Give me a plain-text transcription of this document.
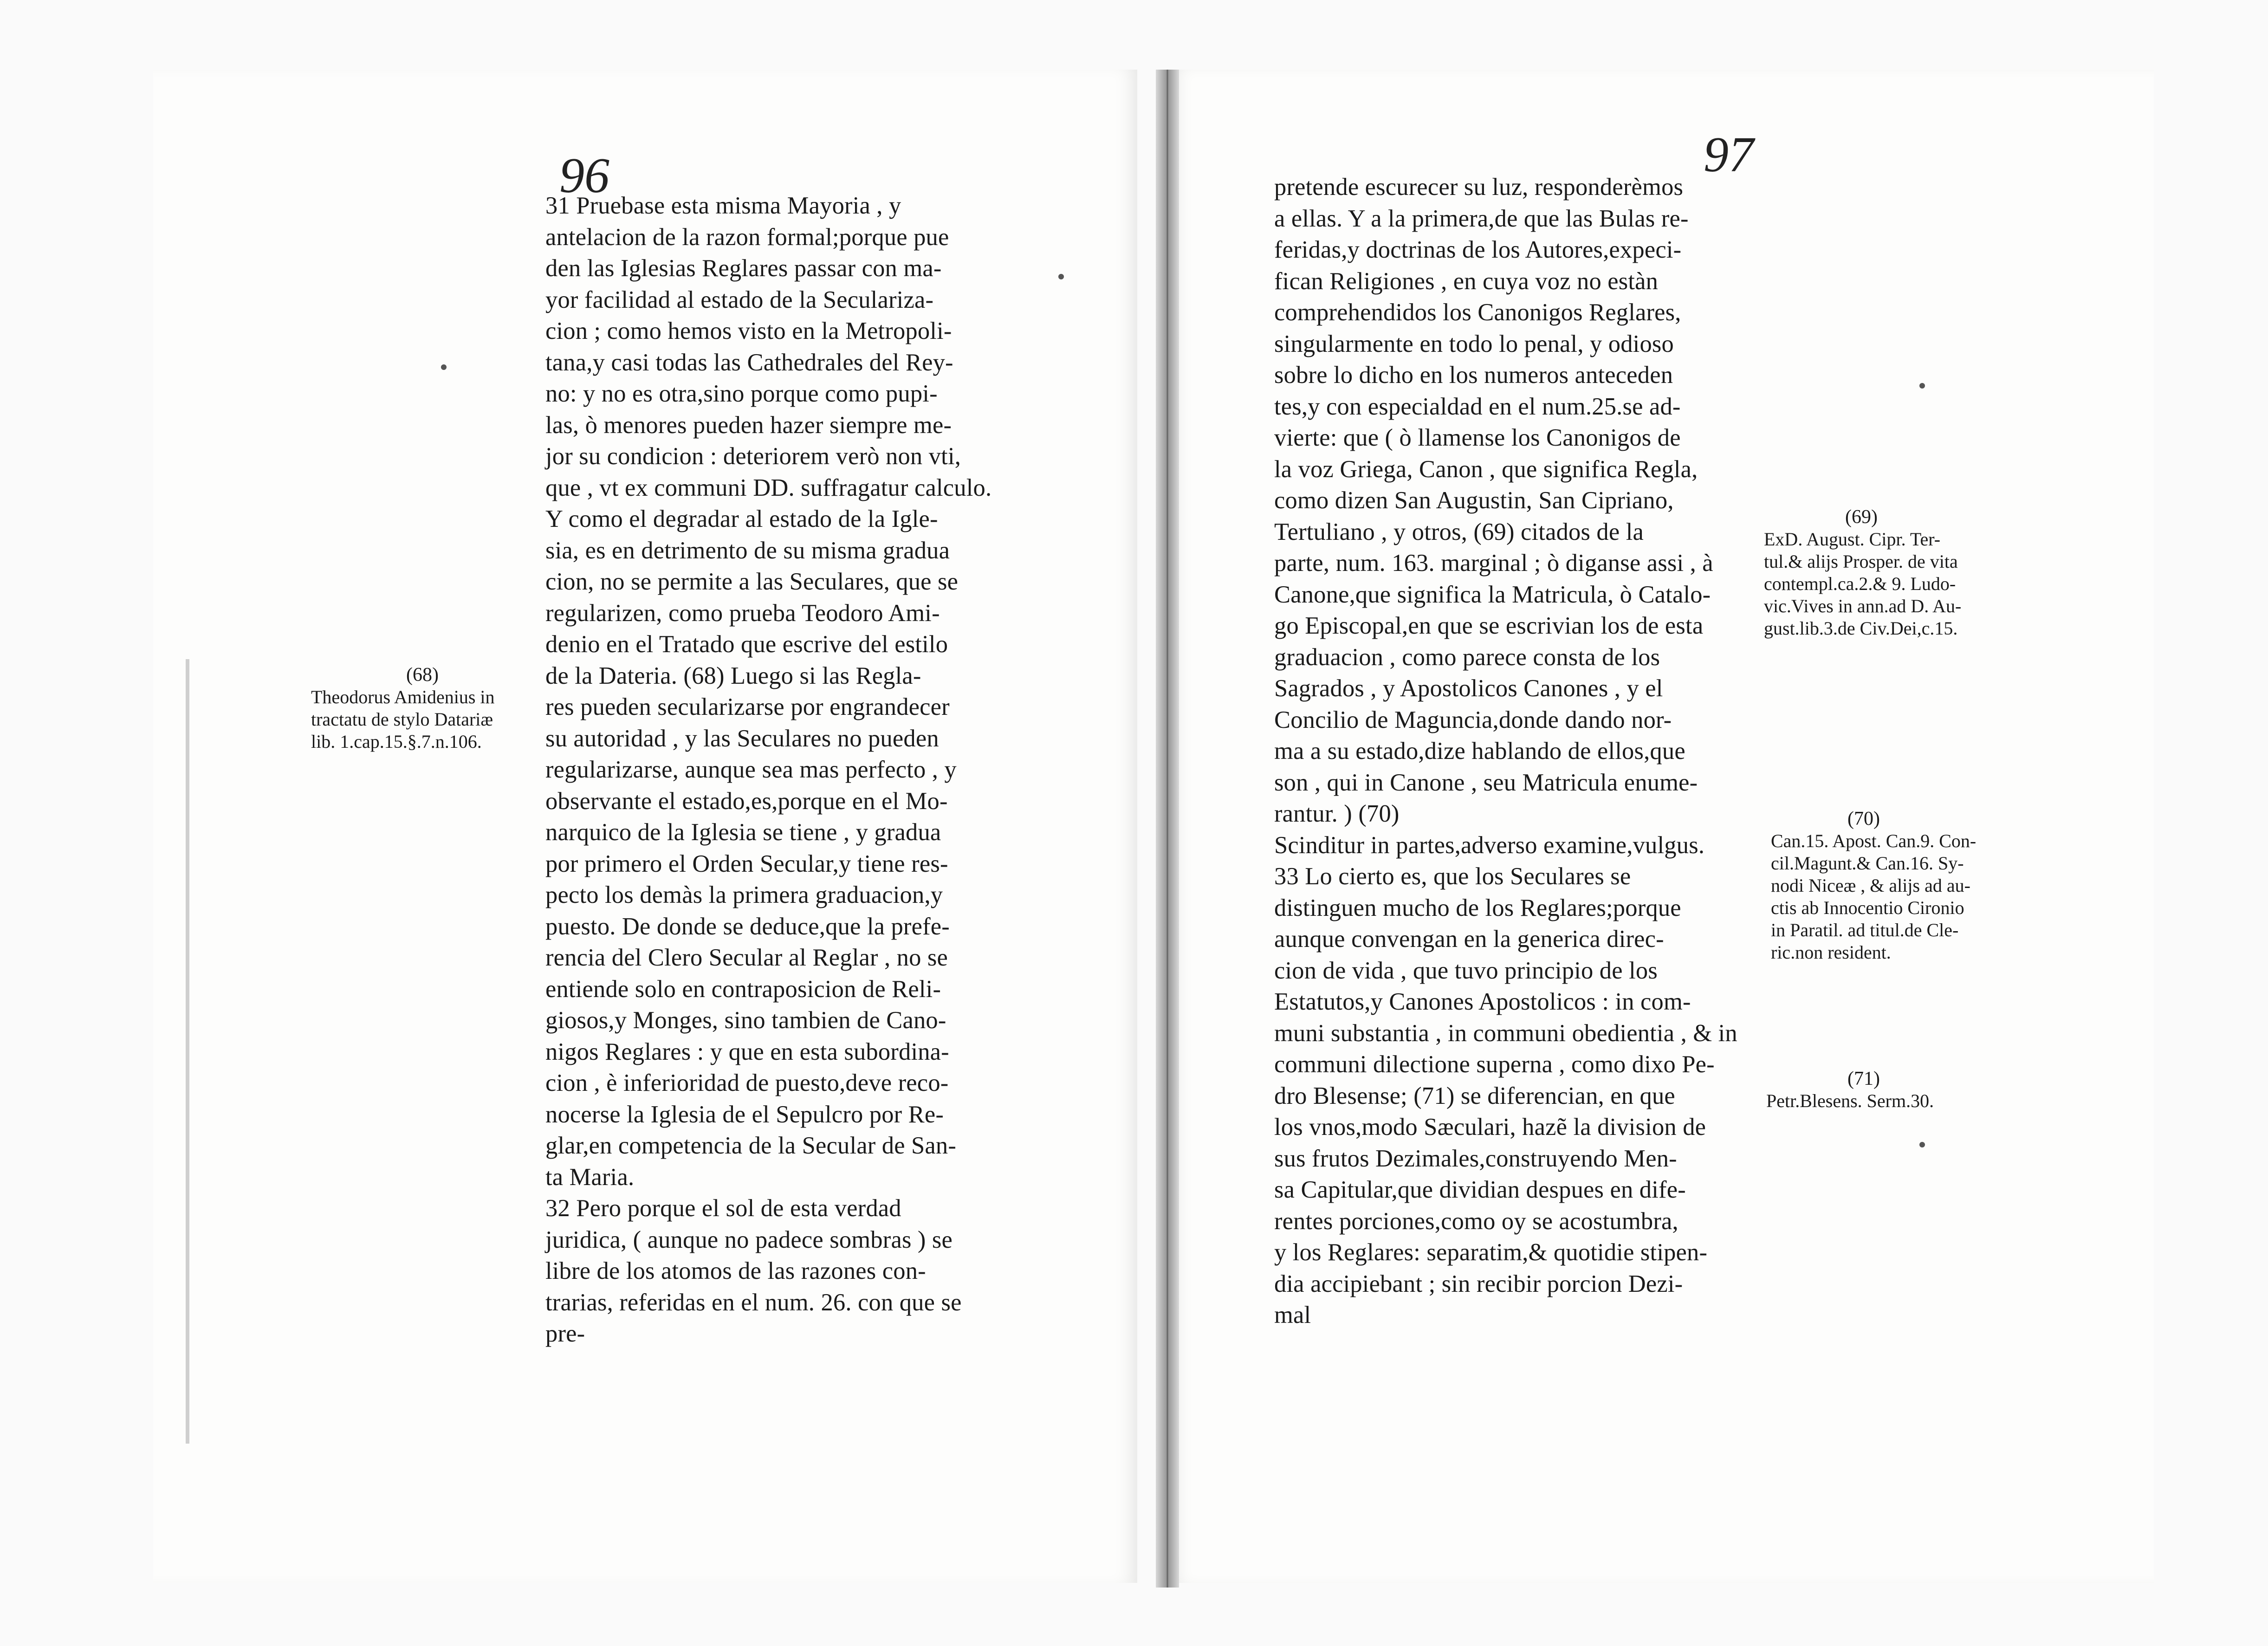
96	97

31 Pruebase esta misma Mayoria , y

antelacion de la razon formal;porque pue

den las Iglesias Reglares passar con ma-

yor facilidad al estado de la Seculariza-

cion ; como hemos visto en la Metropoli-

tana,y casi todas las Cathedrales del Rey-

no: y no es otra,sino porque como pupi-

las, ò menores pueden hazer siempre me-

jor su condicion : deteriorem verò non vti,

que , vt ex communi DD. suffragatur calculo.

Y como el degradar al estado de la Igle-

sia, es en detrimento de su misma gradua

cion, no se permite a las Seculares, que se

regularizen, como prueba Teodoro Ami-

denio en el Tratado que escrive del estilo

de la Dateria. (68) Luego si las Regla-

res pueden secularizarse por engrandecer

su autoridad , y las Seculares no pueden

regularizarse, aunque sea mas perfecto , y

observante el estado,es,porque en el Mo-

narquico de la Iglesia se tiene , y gradua

por primero el Orden Secular,y tiene res-

pecto los demàs la primera graduacion,y

puesto. De donde se deduce,que la prefe-

rencia del Clero Secular al Reglar , no se

entiende solo en contraposicion de Reli-

giosos,y Monges, sino tambien de Cano-

nigos Reglares : y que en esta subordina-

cion , è inferioridad de puesto,deve reco-

nocerse la Iglesia de el Sepulcro por Re-

glar,en competencia de la Secular de San-

ta Maria.

32 Pero porque el sol de esta verdad

juridica, ( aunque no padece sombras ) se

libre de los atomos de las razones con-

trarias, referidas en el num. 26. con que se

pre-

pretende escurecer su luz, responderèmos

a ellas. Y a la primera,de que las Bulas re-

feridas,y doctrinas de los Autores,expeci-

fican Religiones , en cuya voz no estàn

comprehendidos los Canonigos Reglares,

singularmente en todo lo penal, y odioso

sobre lo dicho en los numeros anteceden

tes,y con especialdad en el num.25.se ad-

vierte: que ( ò llamense los Canonigos de

la voz Griega, Canon , que significa Regla,

como dizen San Augustin, San Cipriano,

Tertuliano , y otros, (69) citados de la

parte, num. 163. marginal ; ò diganse assi , à

Canone,que significa la Matricula, ò Catalo-

go Episcopal,en que se escrivian los de esta

graduacion , como parece consta de los

Sagrados , y Apostolicos Canones , y el

Concilio de Maguncia,donde dando nor-

ma a su estado,dize hablando de ellos,que

son , qui in Canone , seu Matricula enume-

rantur. ) (70)

Scinditur in partes,adverso examine,vulgus.

33 Lo cierto es, que los Seculares se

distinguen mucho de los Reglares;porque

aunque convengan en la generica direc-

cion de vida , que tuvo principio de los

Estatutos,y Canones Apostolicos : in com-

muni substantia , in communi obedientia , & in

communi dilectione superna , como dixo Pe-

dro Blesense; (71) se diferencian, en que

los vnos,modo Sæculari, hazẽ la division de

sus frutos Dezimales,construyendo Men-

sa Capitular,que dividian despues en dife-

rentes porciones,como oy se acostumbra,

y los Reglares: separatim,& quotidie stipen-

dia accipiebant ; sin recibir porcion Dezi-

mal

(68)

Theodorus Amidenius in

tractatu de stylo Datariæ

lib. 1.cap.15.§.7.n.106.

(69)

ExD. August. Cipr. Ter-

tul.& alijs Prosper. de vita

contempl.ca.2.& 9. Ludo-

vic.Vives in ann.ad D. Au-

gust.lib.3.de Civ.Dei,c.15.

(70)

Can.15. Apost. Can.9. Con-

cil.Magunt.& Can.16. Sy-

nodi Niceæ , & alijs ad au-

ctis ab Innocentio Cironio

in Paratil. ad titul.de Cle-

ric.non resident.

(71)

Petr.Blesens. Serm.30.
